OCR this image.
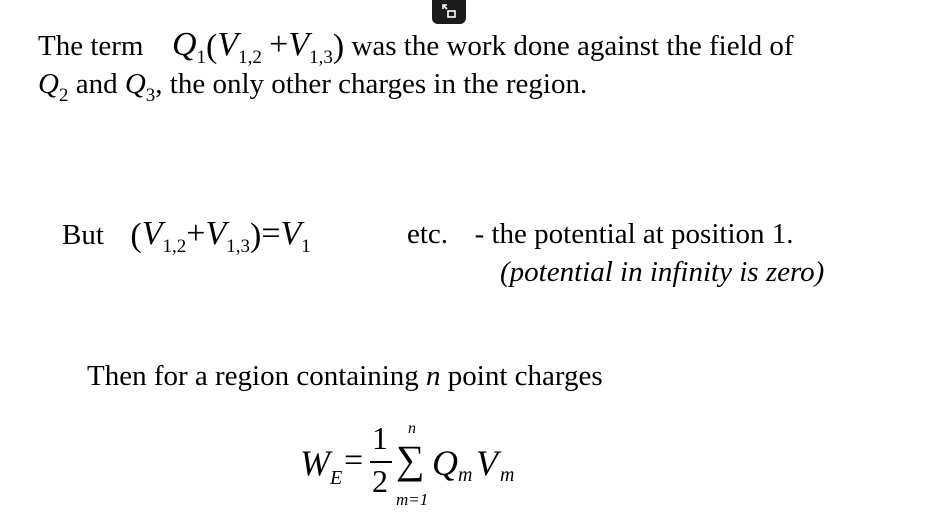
The term $Q_1(V_{1,2} +V_{1,3})$ was the work done against the field of
$Q_2$ and $Q_3$, the only other charges in the region.
But $(V_{1,2}+V_{1,3})=V_1$	etc. - the potential at position 1.
(potential in infinity is zero)
Then for a region containing n point charges
W E =
1
2
n
∑
m=1
Q m V m
